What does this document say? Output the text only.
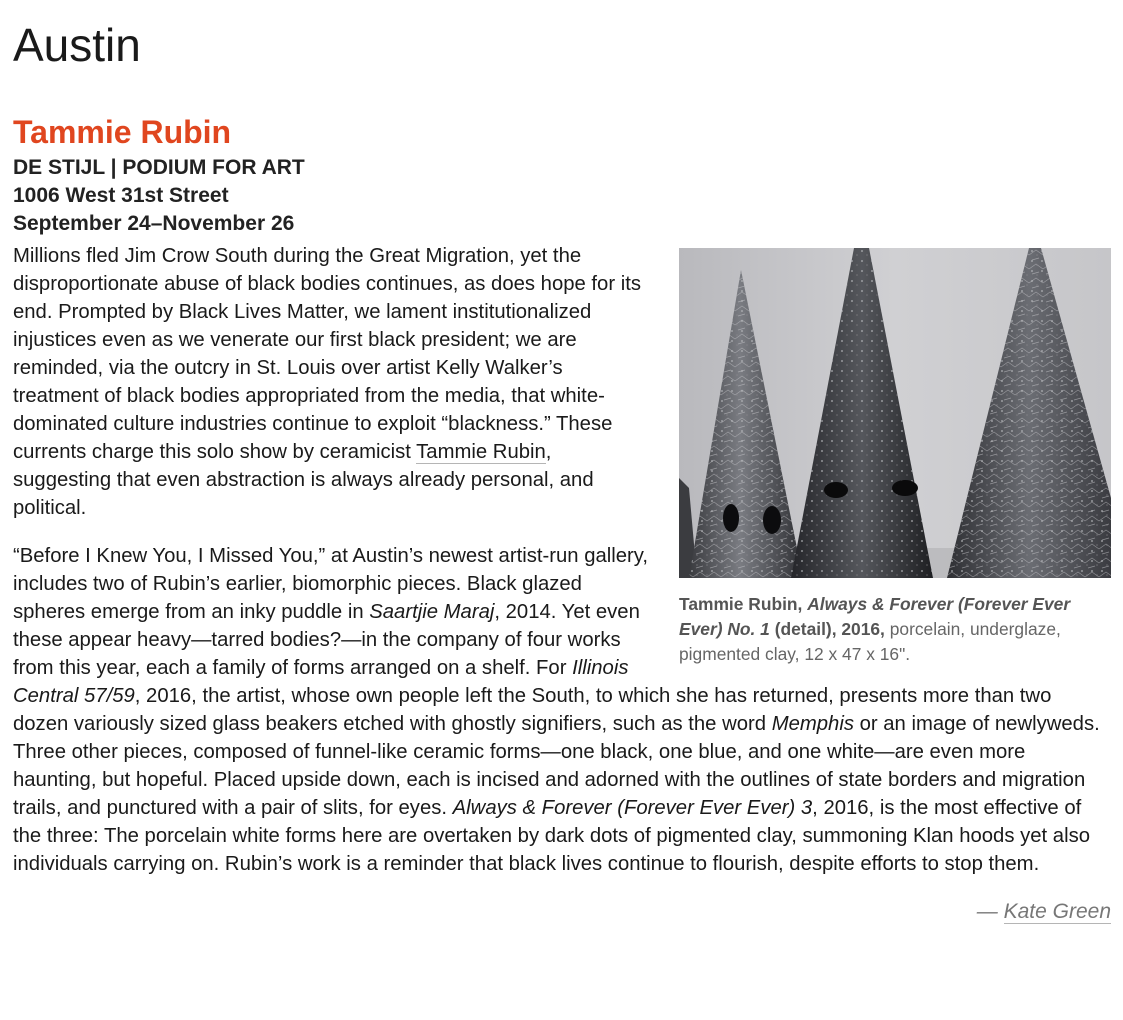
Austin
Tammie Rubin
DE STIJL | PODIUM FOR ART
1006 West 31st Street
September 24–November 26
Tammie Rubin, Always & Forever (Forever Ever Ever) No. 1 (detail), 2016, porcelain, underglaze, pigmented clay, 12 x 47 x 16".

Millions fled Jim Crow South during the Great Migration, yet the disproportionate abuse of black bodies continues, as does hope for its end. Prompted by Black Lives Matter, we lament institutionalized injustices even as we venerate our first black president; we are reminded, via the outcry in St. Louis over artist Kelly Walker’s treatment of black bodies appropriated from the media, that white-dominated culture industries continue to exploit “blackness.” These currents charge this solo show by ceramicist Tammie Rubin, suggesting that even abstraction is always already personal, and political.

“Before I Knew You, I Missed You,” at Austin’s newest artist-run gallery, includes two of Rubin’s earlier, biomorphic pieces. Black glazed spheres emerge from an inky puddle in Saartjie Maraj, 2014. Yet even these appear heavy—tarred bodies?—in the company of four works from this year, each a family of forms arranged on a shelf. For Illinois Central 57/59, 2016, the artist, whose own people left the South, to which she has returned, presents more than two dozen variously sized glass beakers etched with ghostly signifiers, such as the word Memphis or an image of newlyweds. Three other pieces, composed of funnel-like ceramic forms—one black, one blue, and one white—are even more haunting, but hopeful. Placed upside down, each is incised and adorned with the outlines of state borders and migration trails, and punctured with a pair of slits, for eyes. Always & Forever (Forever Ever Ever) 3, 2016, is the most effective of the three: The porcelain white forms here are overtaken by dark dots of pigmented clay, summoning Klan hoods yet also individuals carrying on. Rubin’s work is a reminder that black lives continue to flourish, despite efforts to stop them.

— Kate Green
